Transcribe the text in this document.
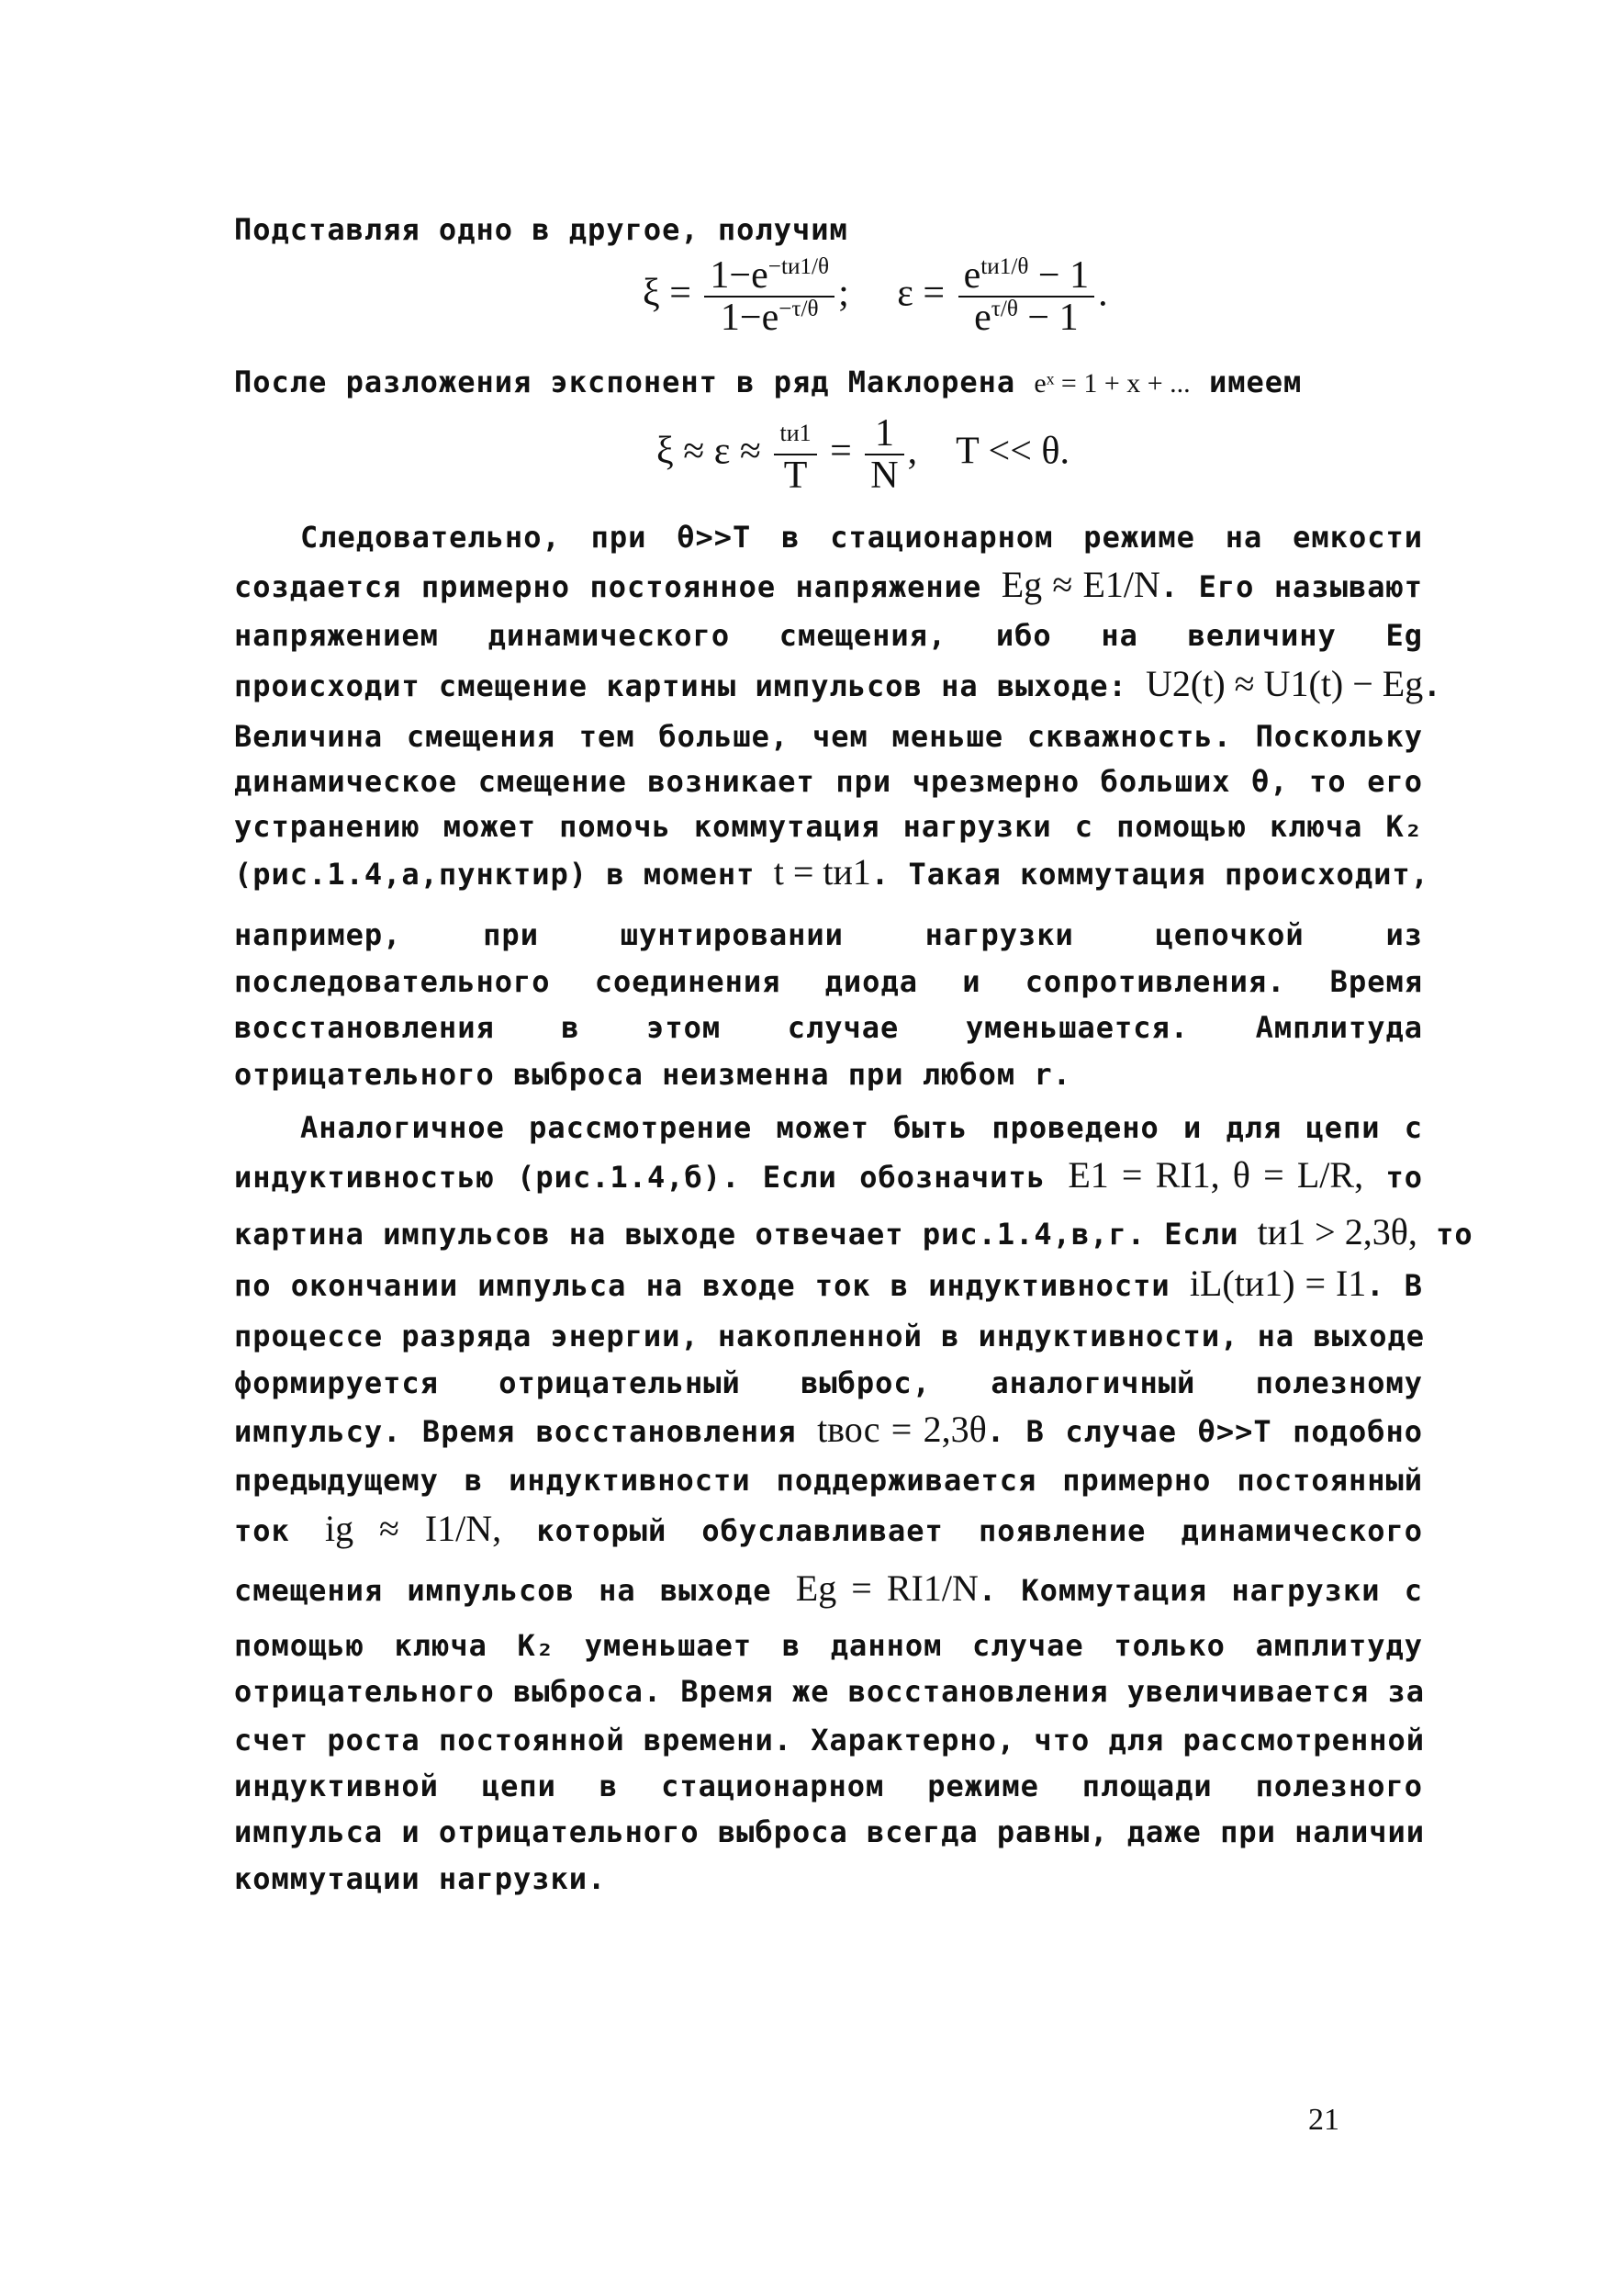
Подставляя одно в другое, получим
$\xi = \frac{1-e^{-tи1/\theta}}{1-e^{-\tau/\theta}}$ ; $\varepsilon = \frac{e^{tи1/\theta} - 1}{e^{\tau/\theta} - 1}$ .
После разложения экспонент в ряд Маклорена eˣ = 1 + x + ... имеем
$\xi \approx \varepsilon \approx \frac{tи1}{T} = \frac{1}{N}$ , T << θ.
Следовательно, при θ>>T в стационарном режиме на емкости
создается примерно постоянное напряжение Eg ≈ E1/N. Его называют
напряжением динамического смещения, ибо на величину Eg
происходит смещение картины импульсов на выходе: U2(t) ≈ U1(t) − Eg.
Величина смещения тем больше, чем меньше скважность. Поскольку
динамическое смещение возникает при чрезмерно больших θ, то его
устранению может помочь коммутация нагрузки с помощью ключа K₂
(рис.1.4,а,пунктир) в момент t = tи1. Такая коммутация происходит,
например, при шунтировании нагрузки цепочкой из
последовательного соединения диода и сопротивления. Время
восстановления в этом случае уменьшается. Амплитуда
отрицательного выброса неизменна при любом r.
Аналогичное рассмотрение может быть проведено и для цепи с
индуктивностью (рис.1.4,б). Если обозначить E1 = RI1, θ = L/R, то
картина импульсов на выходе отвечает рис.1.4,в,г. Если tи1 > 2,3θ, то
по окончании импульса на входе ток в индуктивности iL(tи1) = I1. В
процессе разряда энергии, накопленной в индуктивности, на выходе
формируется отрицательный выброс, аналогичный полезному
импульсу. Время восстановления tвос = 2,3θ. В случае θ>>T подобно
предыдущему в индуктивности поддерживается примерно постоянный
ток ig ≈ I1/N, который обуславливает появление динамического
смещения импульсов на выходе Eg = RI1/N. Коммутация нагрузки с
помощью ключа K₂ уменьшает в данном случае только амплитуду
отрицательного выброса. Время же восстановления увеличивается за
счет роста постоянной времени. Характерно, что для рассмотренной
индуктивной цепи в стационарном режиме площади полезного
импульса и отрицательного выброса всегда равны, даже при наличии
коммутации нагрузки.
21
